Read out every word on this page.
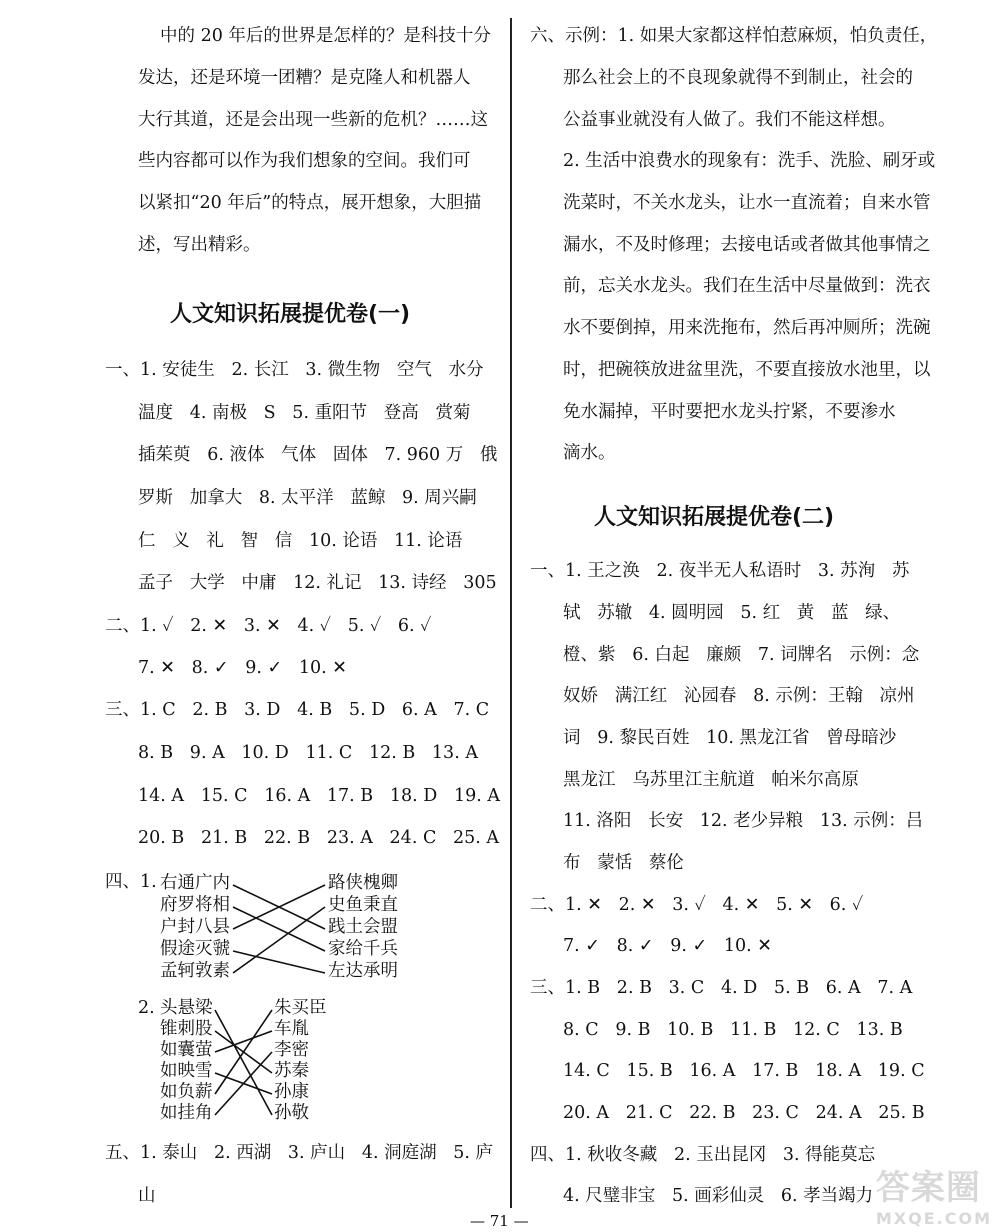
中的 20 年后的世界是怎样的？是科技十分
发达，还是环境一团糟？是克隆人和机器人
大行其道，还是会出现一些新的危机？……这
些内容都可以作为我们想象的空间。我们可
以紧扣“20 年后”的特点，展开想象，大胆描
述，写出精彩。
人文知识拓展提优卷(一)
一、1. 安徒生   2. 长江   3. 微生物   空气   水分
温度   4. 南极   S   5. 重阳节   登高   赏菊
插茱萸   6. 液体   气体   固体   7. 960 万   俄
罗斯   加拿大   8. 太平洋   蓝鲸   9. 周兴嗣
仁   义   礼   智   信   10. 论语   11. 论语
孟子   大学   中庸   12. 礼记   13. 诗经   305
二、1. ✓   2. ✕   3. ✕   4. ✓   5. ✓   6. ✓
7. ✕   8. ✓   9. ✓   10. ✕
三、1. C   2. B   3. D   4. B   5. D   6. A   7. C
8. B   9. A   10. D   11. C   12. B   13. A
14. A   15. C   16. A   17. B   18. D   19. A
20. B   21. B   22. B   23. A   24. C   25. A
四、1. 右通广内
府罗将相
户封八县
假途灭虢
孟轲敦素
路侠槐卿
史鱼秉直
践土会盟
家给千兵
左达承明
2. 头悬梁
锥刺股
如囊萤
如映雪
如负薪
如挂角
朱买臣
车胤
李密
苏秦
孙康
孙敬
五、1. 泰山   2. 西湖   3. 庐山   4. 洞庭湖   5. 庐
山
六、示例：1. 如果大家都这样怕惹麻烦，怕负责任，
那么社会上的不良现象就得不到制止，社会的
公益事业就没有人做了。我们不能这样想。
2. 生活中浪费水的现象有：洗手、洗脸、刷牙或
洗菜时，不关水龙头，让水一直流着；自来水管
漏水，不及时修理；去接电话或者做其他事情之
前，忘关水龙头。我们在生活中尽量做到：洗衣
水不要倒掉，用来洗拖布，然后再冲厕所；洗碗
时，把碗筷放进盆里洗，不要直接放水池里，以
免水漏掉，平时要把水龙头拧紧，不要渗水
滴水。
人文知识拓展提优卷(二)
一、1. 王之涣   2. 夜半无人私语时   3. 苏洵   苏
轼   苏辙   4. 圆明园   5. 红   黄   蓝   绿、
橙、紫   6. 白起   廉颇   7. 词牌名   示例：念
奴娇   满江红   沁园春   8. 示例：王翰   凉州
词   9. 黎民百姓   10. 黑龙江省   曾母暗沙
黑龙江   乌苏里江主航道   帕米尔高原
11. 洛阳   长安   12. 老少异粮   13. 示例：吕
布   蒙恬   蔡伦
二、1. ✕   2. ✕   3. ✓   4. ✕   5. ✕   6. ✓
7. ✓   8. ✓   9. ✓   10. ✕
三、1. B   2. B   3. C   4. D   5. B   6. A   7. A
8. C   9. B   10. B   11. B   12. C   13. B
14. C   15. B   16. A   17. B   18. A   19. C
20. A   21. C   22. B   23. C   24. A   25. B
四、1. 秋收冬藏   2. 玉出昆冈   3. 得能莫忘
4. 尺璧非宝   5. 画彩仙灵   6. 孝当竭力
— 71 —
答案圈
MXQE.COM
